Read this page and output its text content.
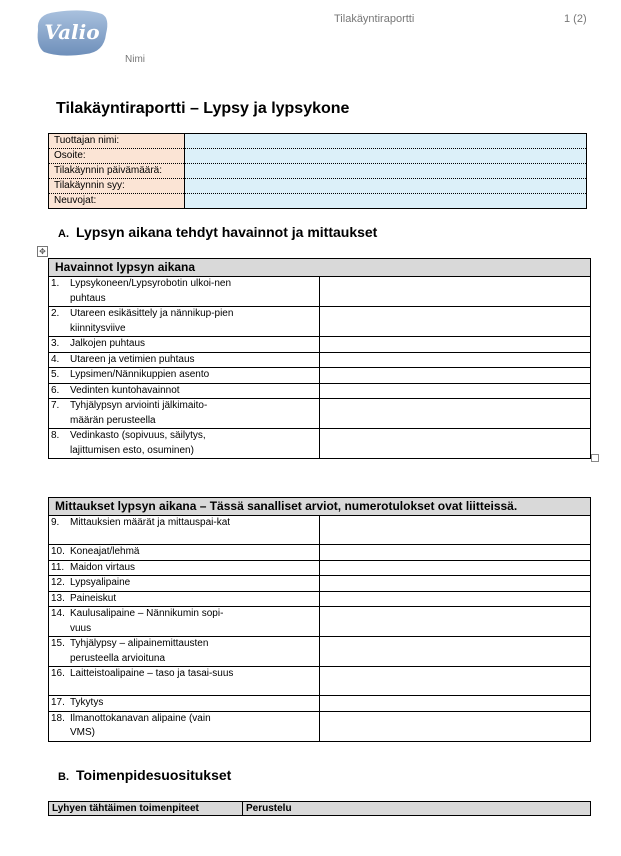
Valio
Tilakäyntiraportti	1 (2)
Nimi
Tilakäyntiraportti – Lypsy ja lypsykone
Tuottajan nimi:	
Osoite:	
Tilakäynnin päivämäärä:	
Tilakäynnin syy:	
Neuvojat:	
A. Lypsyn aikana tehdyt havainnot ja mittaukset
✥
Havainnot lypsyn aikana	
1. Lypsykoneen/Lypsyrobotin ulkoi-nen puhtaus	
2. Utareen esikäsittely ja nännikup-pien kiinnitysviive	
3. Jalkojen puhtaus	
4. Utareen ja vetimien puhtaus	
5. Lypsimen/Nännikuppien asento	
6. Vedinten kuntohavainnot	
7. Tyhjälypsyn arviointi jälkimaito-määrän perusteella	
8. Vedinkasto (sopivuus, säilytys, lajittumisen esto, osuminen)	
Mittaukset lypsyn aikana – Tässä sanalliset arviot, numerotulokset ovat liitteissä.	
9. Mittauksien määrät ja mittauspai-kat	
10. Koneajat/lehmä	
11. Maidon virtaus	
12. Lypsyalipaine	
13. Paineiskut	
14. Kaulusalipaine – Nännikumin sopi-vuus	
15. Tyhjälypsy – alipainemittausten perusteella arvioituna	
16. Laitteistoalipaine – taso ja tasai-suus	
17. Tykytys	
18. Ilmanottokanavan alipaine (vain VMS)	
B. Toimenpidesuositukset
Lyhyen tähtäimen toimenpiteet	Perustelu
